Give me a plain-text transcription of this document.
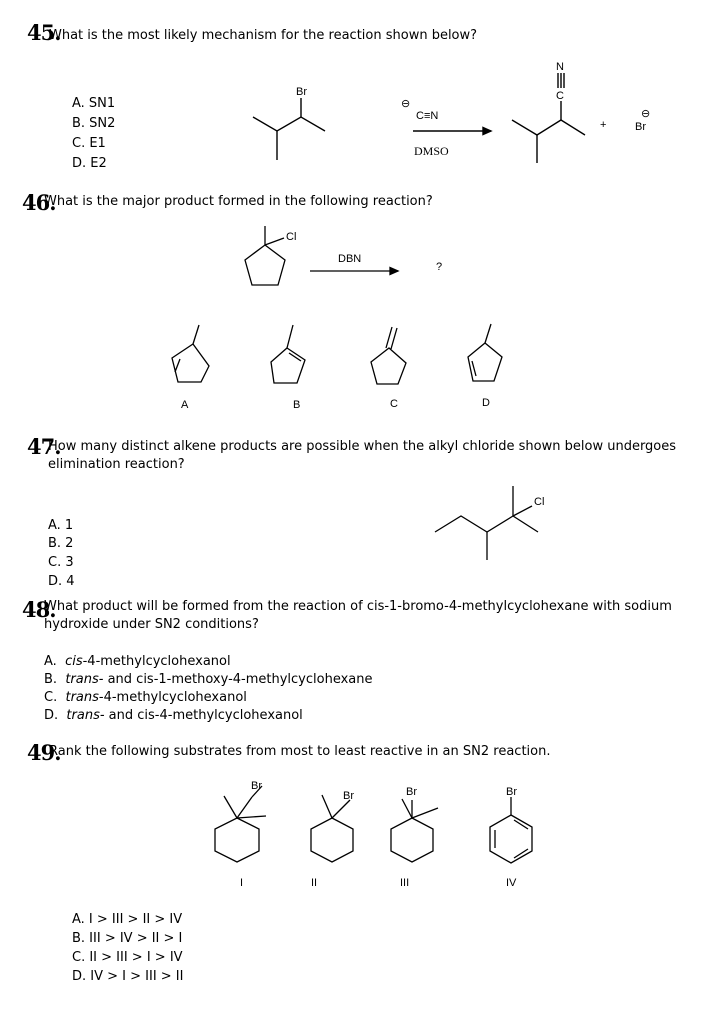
45.
What is the most likely mechanism for the reaction shown below?
A. SN1
B. SN2
C. E1
D. E2
Br
⊖
C≡N
DMSO
N
C
+
⊖
Br
46.
What is the major product formed in the following reaction?
Cl
DBN
?
A	B	C	D
47.
How many distinct alkene products are possible when the alkyl chloride shown below undergoes
elimination reaction?
A. 1
B. 2
C. 3
D. 4
Cl
48.
What product will be formed from the reaction of cis-1-bromo-4-methylcyclohexane with sodium
hydroxide under SN2 conditions?
A. cis-4-methylcyclohexanol
B. trans- and cis-1-methoxy-4-methylcyclohexane
C. trans-4-methylcyclohexanol
D. trans- and cis-4-methylcyclohexanol
49.
Rank the following substrates from most to least reactive in an SN2 reaction.
Br
Br	Br	Br
I	II	III	IV
A. I > III > II > IV
B. III > IV > II > I
C. II > III > I > IV
D. IV > I > III > II
